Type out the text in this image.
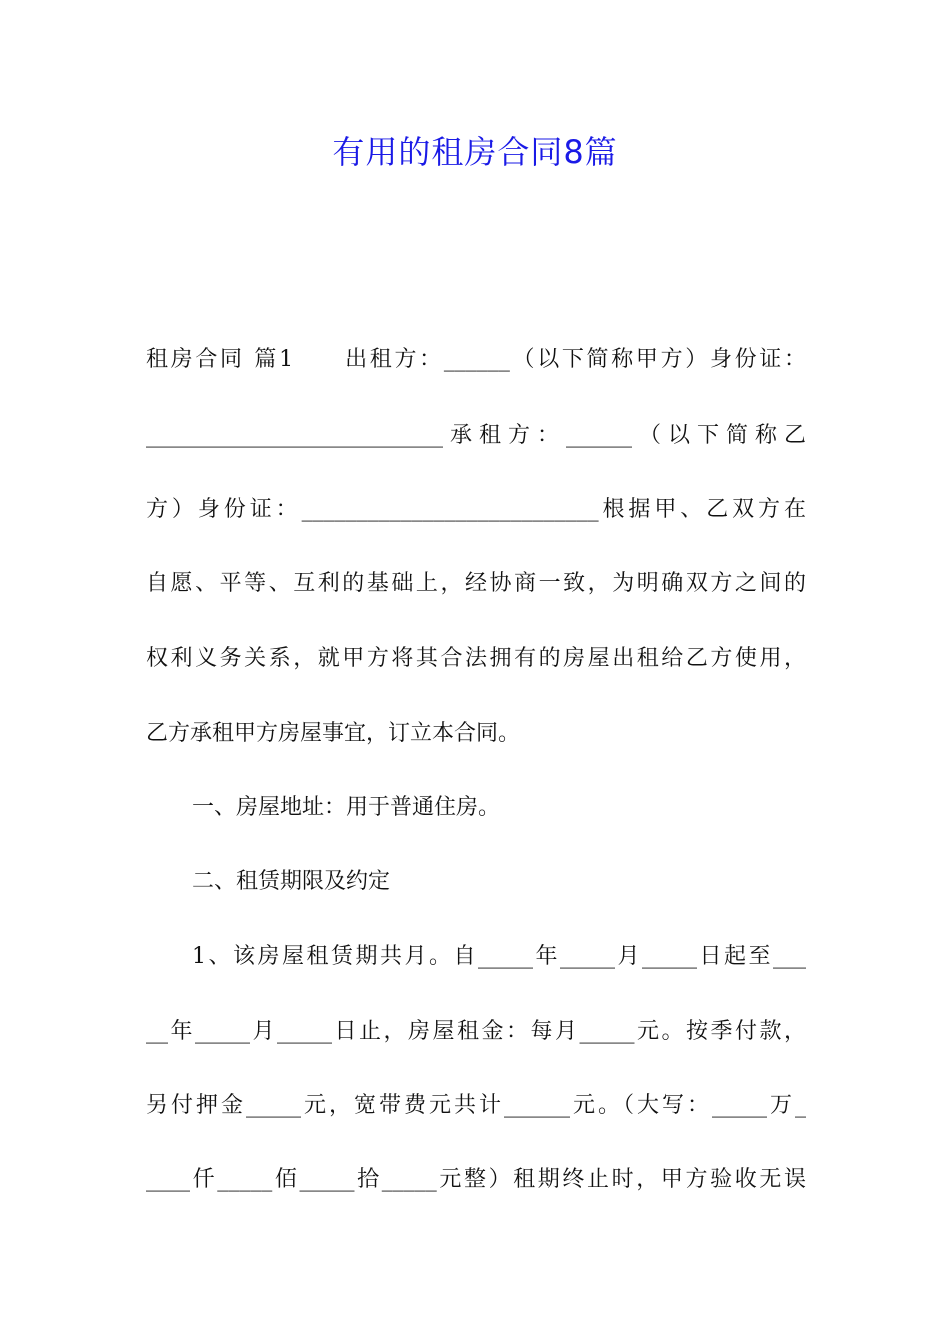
有用的租房合同8篇
租房合同 篇1　　出租方：______（以下简称甲方）身份证：
___________________________承租方：______（以下简称乙
方）身份证：___________________________根据甲、乙双方在
自愿、平等、互利的基础上，经协商一致，为明确双方之间的
权利义务关系，就甲方将其合法拥有的房屋出租给乙方使用，
乙方承租甲方房屋事宜，订立本合同。
一、房屋地址：用于普通住房。
二、租赁期限及约定
1、该房屋租赁期共月。自_____年_____月_____日起至___
__年_____月_____日止，房屋租金：每月_____元。按季付款，
另付押金_____元，宽带费元共计______元。（大写：_____万_
____仟_____佰_____拾_____元整）租期终止时，甲方验收无误
